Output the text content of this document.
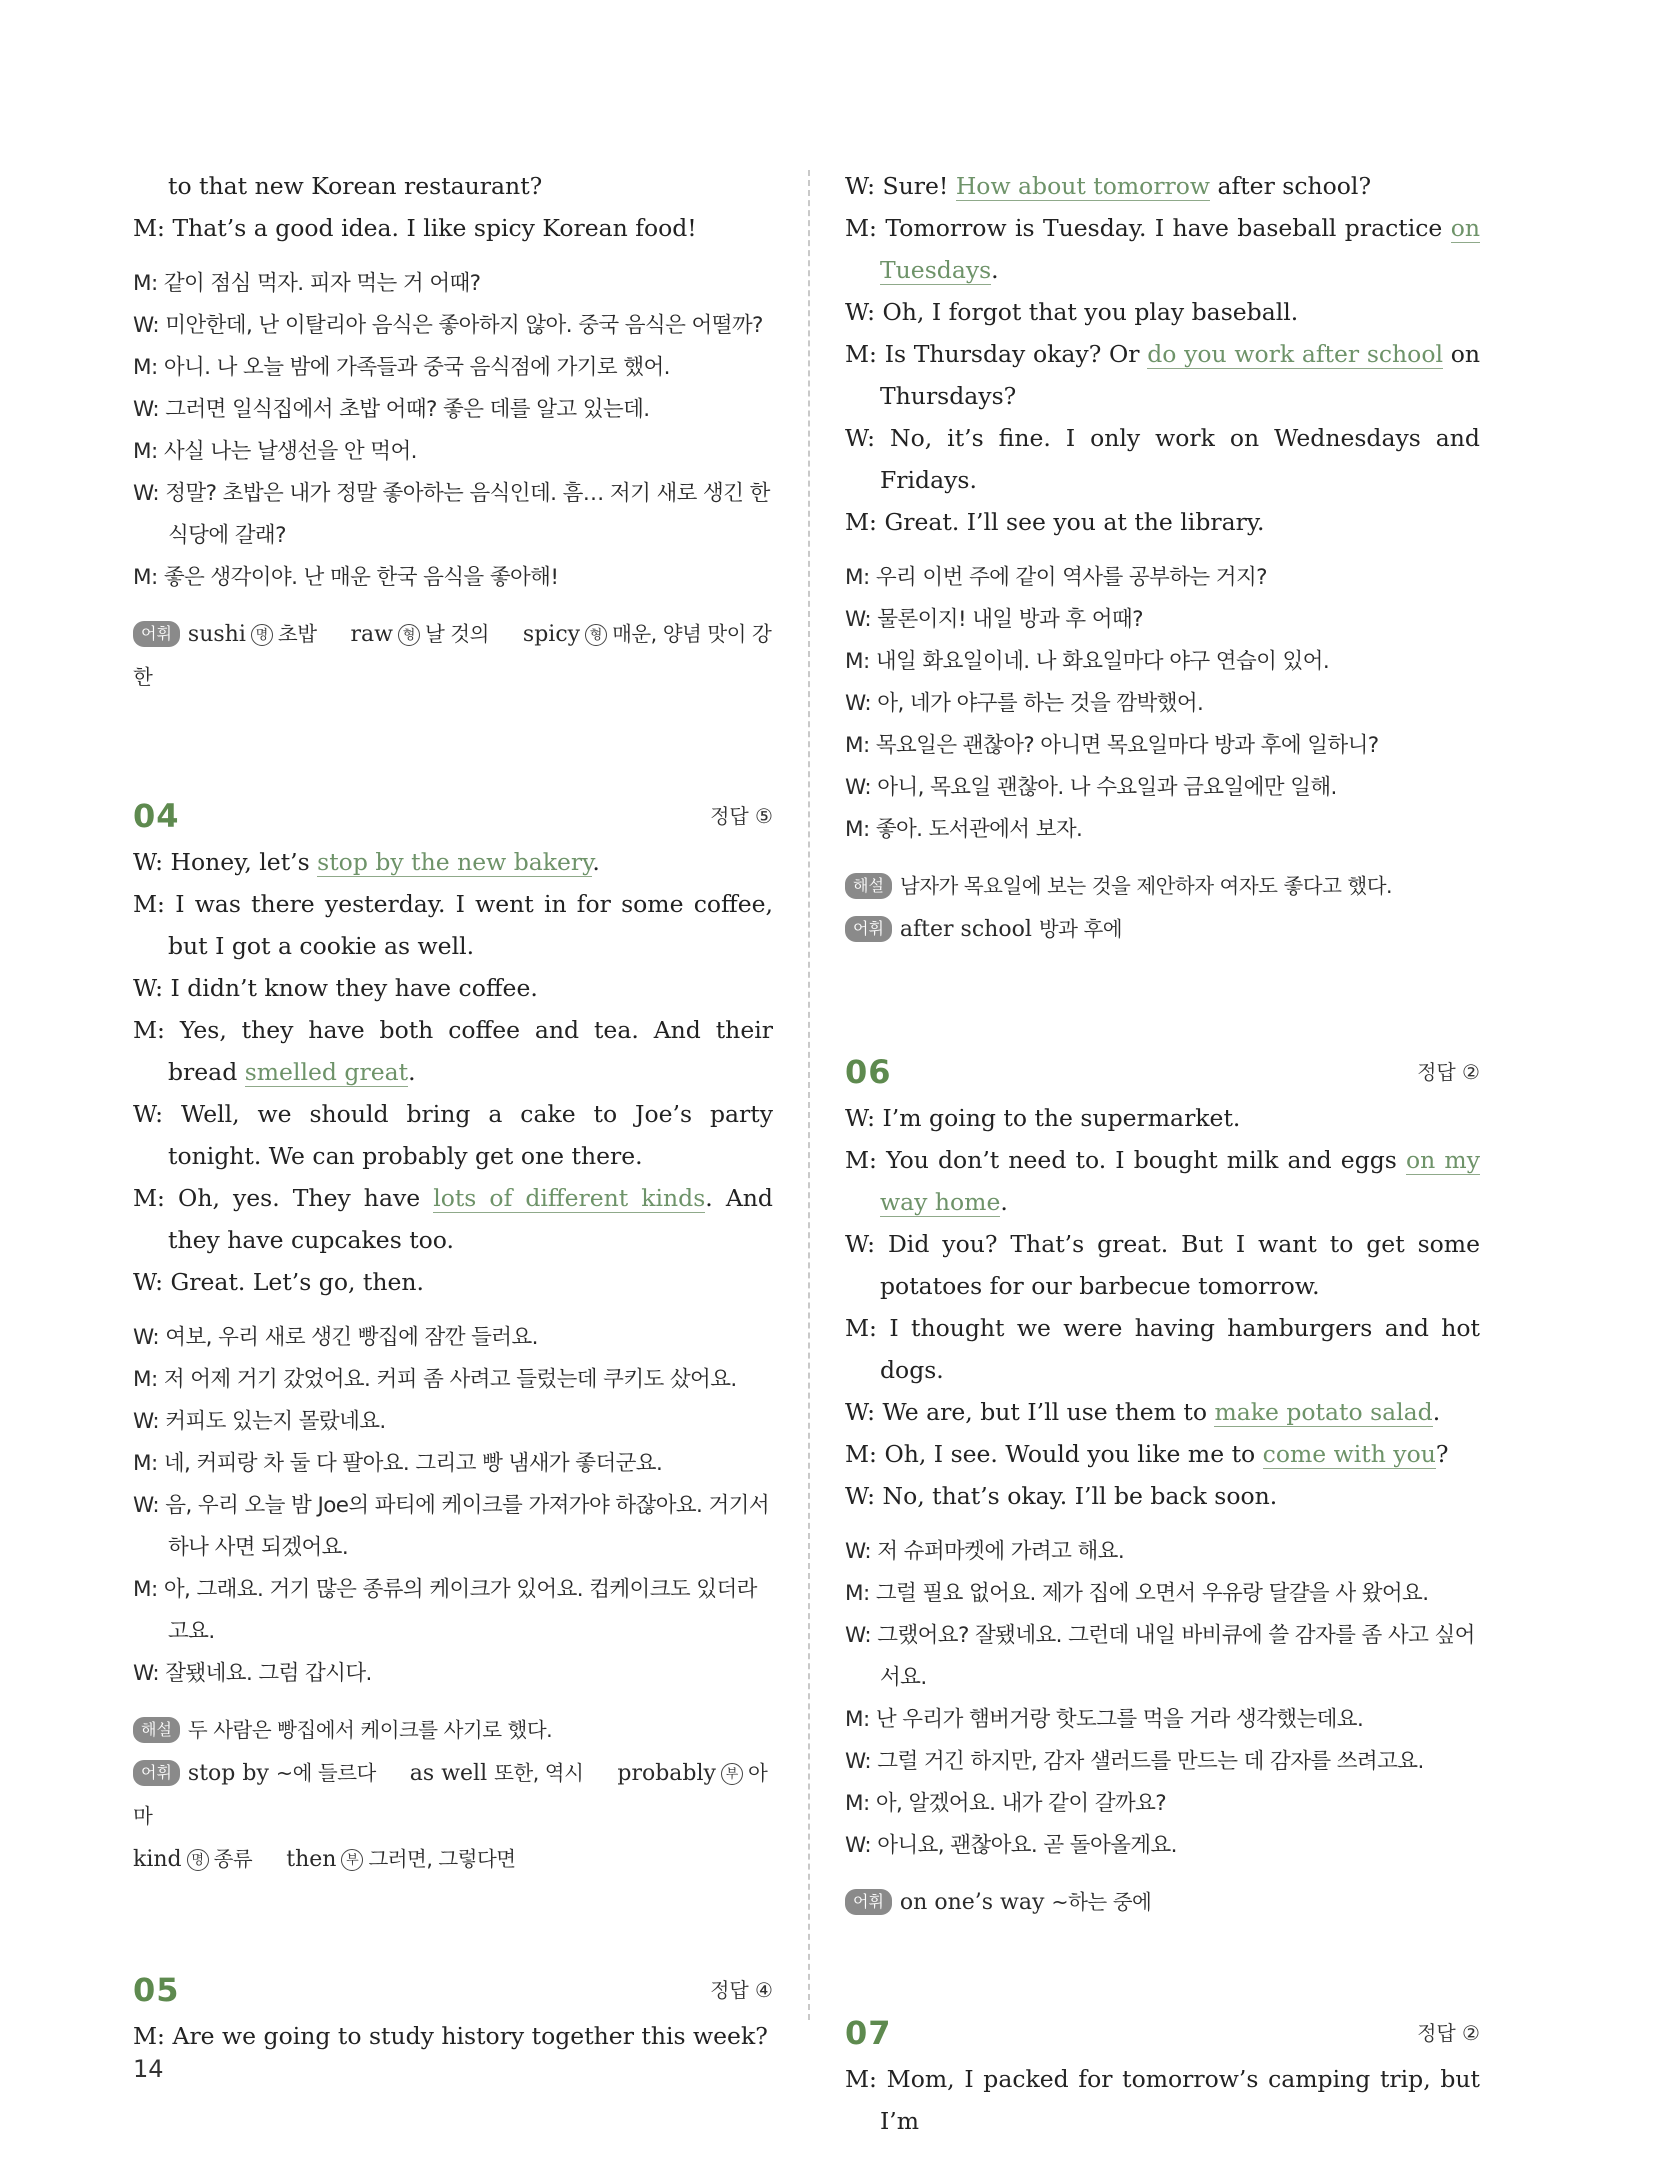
to that new Korean restaurant?
M: That’s a good idea. I like spicy Korean food!
M: 같이 점심 먹자. 피자 먹는 거 어때?
W: 미안한데, 난 이탈리아 음식은 좋아하지 않아. 중국 음식은 어떨까?
M: 아니. 나 오늘 밤에 가족들과 중국 음식점에 가기로 했어.
W: 그러면 일식집에서 초밥 어때? 좋은 데를 알고 있는데.
M: 사실 나는 날생선을 안 먹어.
W: 정말? 초밥은 내가 정말 좋아하는 음식인데. 흠… 저기 새로 생긴 한 식당에 갈래?
M: 좋은 생각이야. 난 매운 한국 음식을 좋아해!
어휘 sushi 명 초밥 raw 형 날 것의 spicy 형 매운, 양념 맛이 강한
04	정답 ⑤
W: Honey, let’s stop by the new bakery.
M: I was there yesterday. I went in for some coffee, but I got a cookie as well.
W: I didn’t know they have coffee.
M: Yes, they have both coffee and tea. And their bread smelled great.
W: Well, we should bring a cake to Joe’s party tonight. We can probably get one there.
M: Oh, yes. They have lots of different kinds. And they have cupcakes too.
W: Great. Let’s go, then.
W: 여보, 우리 새로 생긴 빵집에 잠깐 들러요.
M: 저 어제 거기 갔었어요. 커피 좀 사려고 들렀는데 쿠키도 샀어요.
W: 커피도 있는지 몰랐네요.
M: 네, 커피랑 차 둘 다 팔아요. 그리고 빵 냄새가 좋더군요.
W: 음, 우리 오늘 밤 Joe의 파티에 케이크를 가져가야 하잖아요. 거기서 하나 사면 되겠어요.
M: 아, 그래요. 거기 많은 종류의 케이크가 있어요. 컵케이크도 있더라고요.
W: 잘됐네요. 그럼 갑시다.
해설 두 사람은 빵집에서 케이크를 사기로 했다.
어휘 stop by ~에 들르다 as well 또한, 역시 probably 부 아마
kind 명 종류 then 부 그러면, 그렇다면
05	정답 ④
M: Are we going to study history together this week?
W: Sure! How about tomorrow after school?
M: Tomorrow is Tuesday. I have baseball practice on Tuesdays.
W: Oh, I forgot that you play baseball.
M: Is Thursday okay? Or do you work after school on Thursdays?
W: No, it’s fine. I only work on Wednesdays and Fridays.
M: Great. I’ll see you at the library.
M: 우리 이번 주에 같이 역사를 공부하는 거지?
W: 물론이지! 내일 방과 후 어때?
M: 내일 화요일이네. 나 화요일마다 야구 연습이 있어.
W: 아, 네가 야구를 하는 것을 깜박했어.
M: 목요일은 괜찮아? 아니면 목요일마다 방과 후에 일하니?
W: 아니, 목요일 괜찮아. 나 수요일과 금요일에만 일해.
M: 좋아. 도서관에서 보자.
해설 남자가 목요일에 보는 것을 제안하자 여자도 좋다고 했다.
어휘 after school 방과 후에
06	정답 ②
W: I’m going to the supermarket.
M: You don’t need to. I bought milk and eggs on my way home.
W: Did you? That’s great. But I want to get some potatoes for our barbecue tomorrow.
M: I thought we were having hamburgers and hot dogs.
W: We are, but I’ll use them to make potato salad.
M: Oh, I see. Would you like me to come with you?
W: No, that’s okay. I’ll be back soon.
W: 저 슈퍼마켓에 가려고 해요.
M: 그럴 필요 없어요. 제가 집에 오면서 우유랑 달걀을 사 왔어요.
W: 그랬어요? 잘됐네요. 그런데 내일 바비큐에 쓸 감자를 좀 사고 싶어서요.
M: 난 우리가 햄버거랑 핫도그를 먹을 거라 생각했는데요.
W: 그럴 거긴 하지만, 감자 샐러드를 만드는 데 감자를 쓰려고요.
M: 아, 알겠어요. 내가 같이 갈까요?
W: 아니요, 괜찮아요. 곧 돌아올게요.
어휘 on one’s way ~하는 중에
07	정답 ②
M: Mom, I packed for tomorrow’s camping trip, but I’m
14
